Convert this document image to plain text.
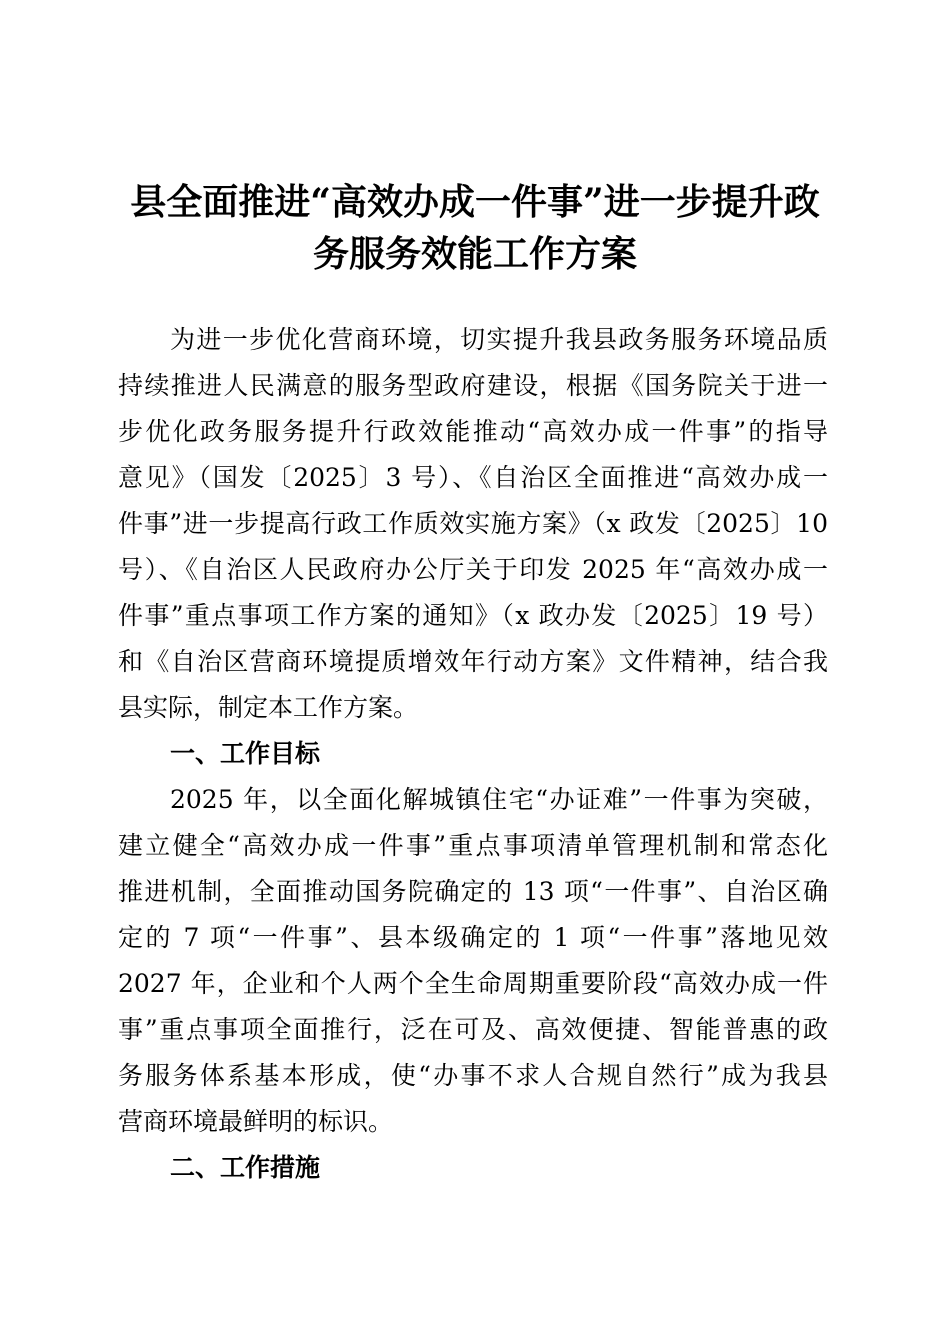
县全面推进“高效办成一件事”进一步提升政
务服务效能工作方案
为进一步优化营商环境，切实提升我县政务服务环境品质
持续推进人民满意的服务型政府建设，根据《国务院关于进一
步优化政务服务提升行政效能推动“高效办成一件事”的指导
意见》（国发〔2025〕3 号）、《自治区全面推进“高效办成一
件事”进一步提高行政工作质效实施方案》（x 政发〔2025〕10
号）、《自治区人民政府办公厅关于印发 2025 年“高效办成一
件事”重点事项工作方案的通知》（x 政办发〔2025〕19 号）
和《自治区营商环境提质增效年行动方案》文件精神，结合我
县实际，制定本工作方案。
一、工作目标
2025 年，以全面化解城镇住宅“办证难”一件事为突破，
建立健全“高效办成一件事”重点事项清单管理机制和常态化
推进机制，全面推动国务院确定的 13 项“一件事”、自治区确
定的 7 项“一件事”、县本级确定的 1 项“一件事”落地见效
2027 年，企业和个人两个全生命周期重要阶段“高效办成一件
事”重点事项全面推行，泛在可及、高效便捷、智能普惠的政
务服务体系基本形成，使“办事不求人合规自然行”成为我县
营商环境最鲜明的标识。
二、工作措施
